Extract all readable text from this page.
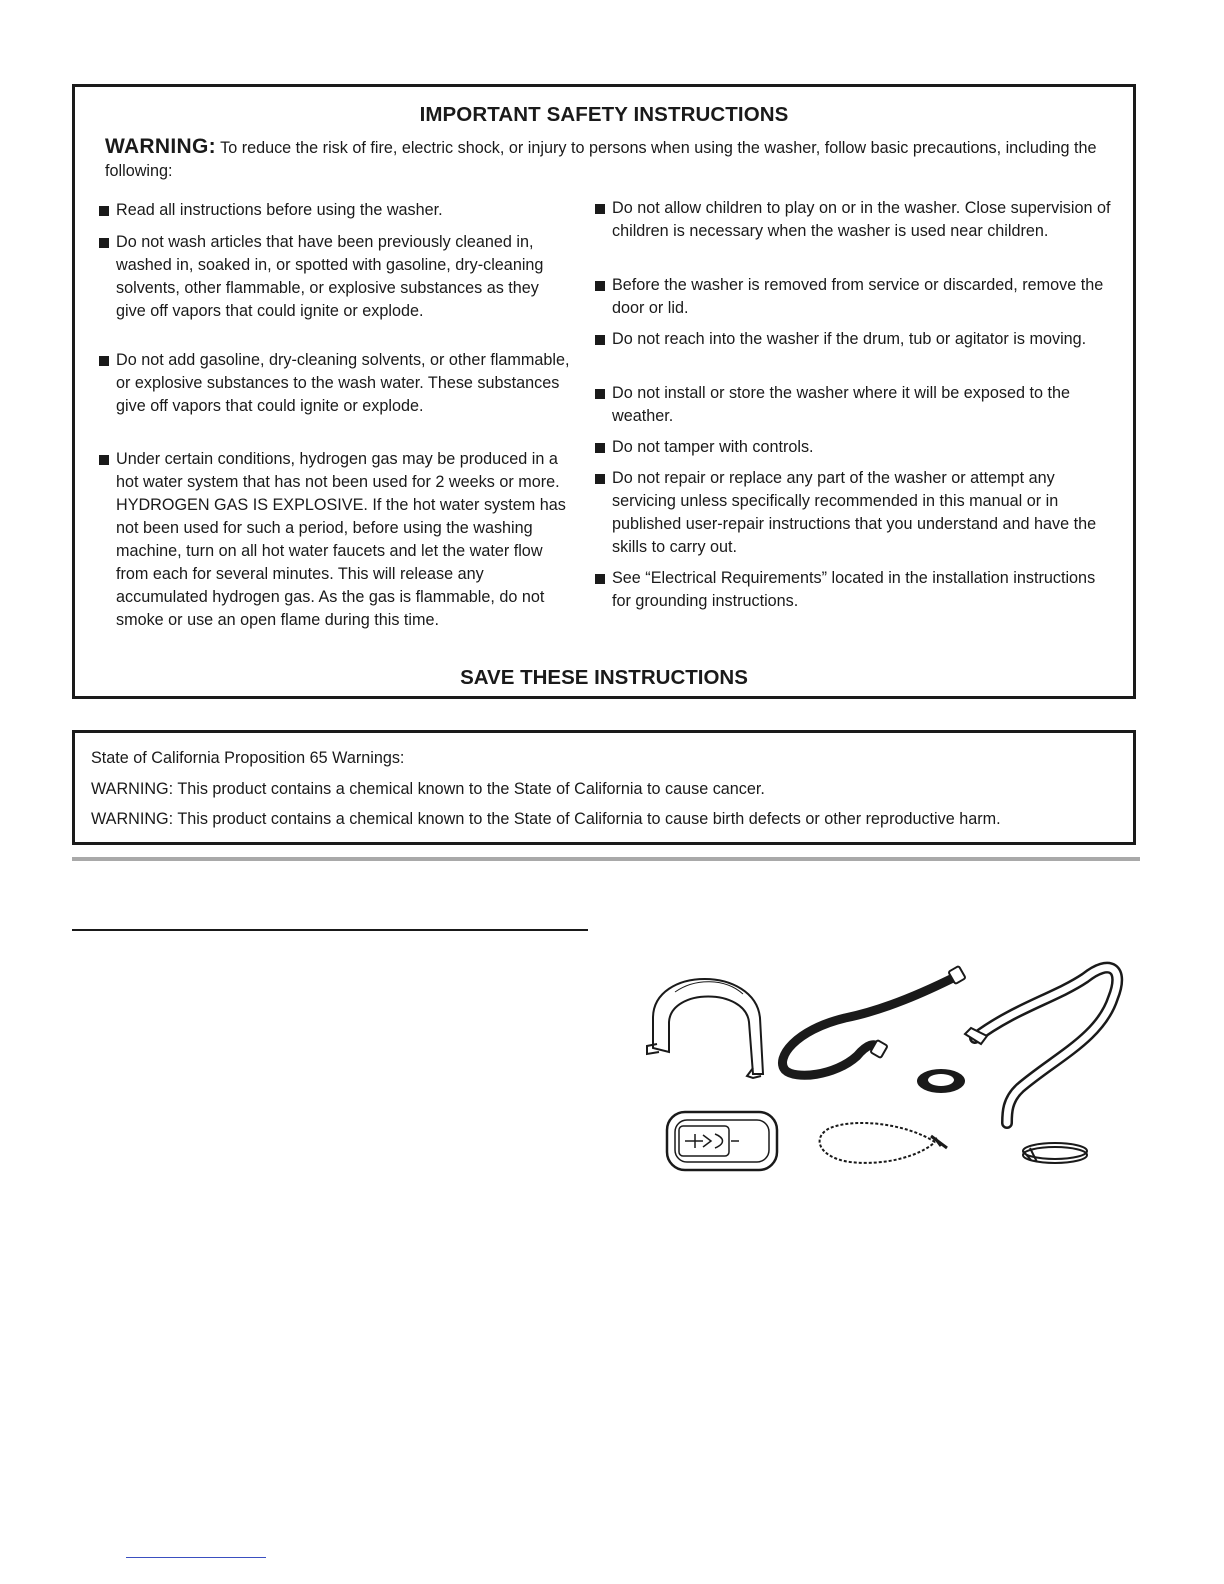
IMPORTANT SAFETY INSTRUCTIONS
WARNING: To reduce the risk of fire, electric shock, or injury to persons when using the washer, follow basic precautions, including the following:
Read all instructions before using the washer.
Do not wash articles that have been previously cleaned in, washed in, soaked in, or spotted with gasoline, dry-cleaning solvents, other flammable, or explosive substances as they give off vapors that could ignite or explode.
Do not add gasoline, dry-cleaning solvents, or other flammable, or explosive substances to the wash water. These substances give off vapors that could ignite or explode.
Under certain conditions, hydrogen gas may be produced in a hot water system that has not been used for 2 weeks or more. HYDROGEN GAS IS EXPLOSIVE. If the hot water system has not been used for such a period, before using the washing machine, turn on all hot water faucets and let the water flow from each for several minutes. This will release any accumulated hydrogen gas. As the gas is flammable, do not smoke or use an open flame during this time.
Do not allow children to play on or in the washer. Close supervision of children is necessary when the washer is used near children.
Before the washer is removed from service or discarded, remove the door or lid.
Do not reach into the washer if the drum, tub or agitator is moving.
Do not install or store the washer where it will be exposed to the weather.
Do not tamper with controls.
Do not repair or replace any part of the washer or attempt any servicing unless specifically recommended in this manual or in published user-repair instructions that you understand and have the skills to carry out.
See “Electrical Requirements” located in the installation instructions for grounding instructions.
SAVE THESE INSTRUCTIONS
State of California Proposition 65 Warnings:
WARNING: This product contains a chemical known to the State of California to cause cancer.
WARNING: This product contains a chemical known to the State of California to cause birth defects or other reproductive harm.
